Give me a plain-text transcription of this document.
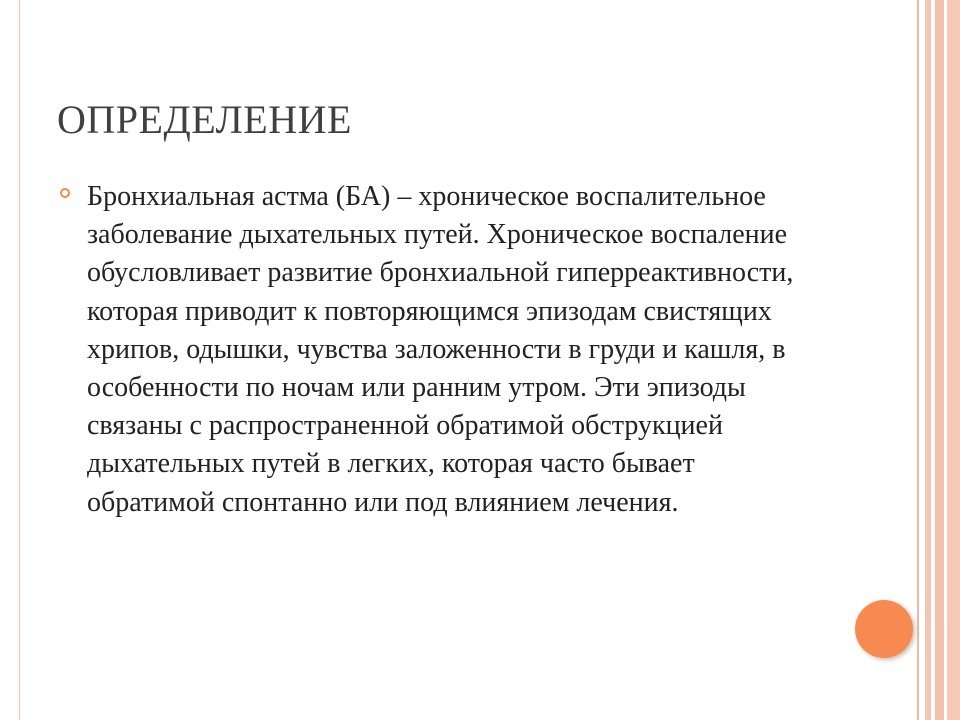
ОПРЕДЕЛЕНИЕ

Бронхиальная астма (БА) – хроническое воспалительное заболевание дыхательных путей. Хроническое воспаление обусловливает развитие бронхиальной гиперреактивности, которая приводит к повторяющимся эпизодам свистящих хрипов, одышки, чувства заложенности в груди и кашля, в особенности по ночам или ранним утром. Эти эпизоды связаны с распространенной обратимой обструкцией дыхательных путей в легких, которая часто бывает обратимой спонтанно или под влиянием лечения.
